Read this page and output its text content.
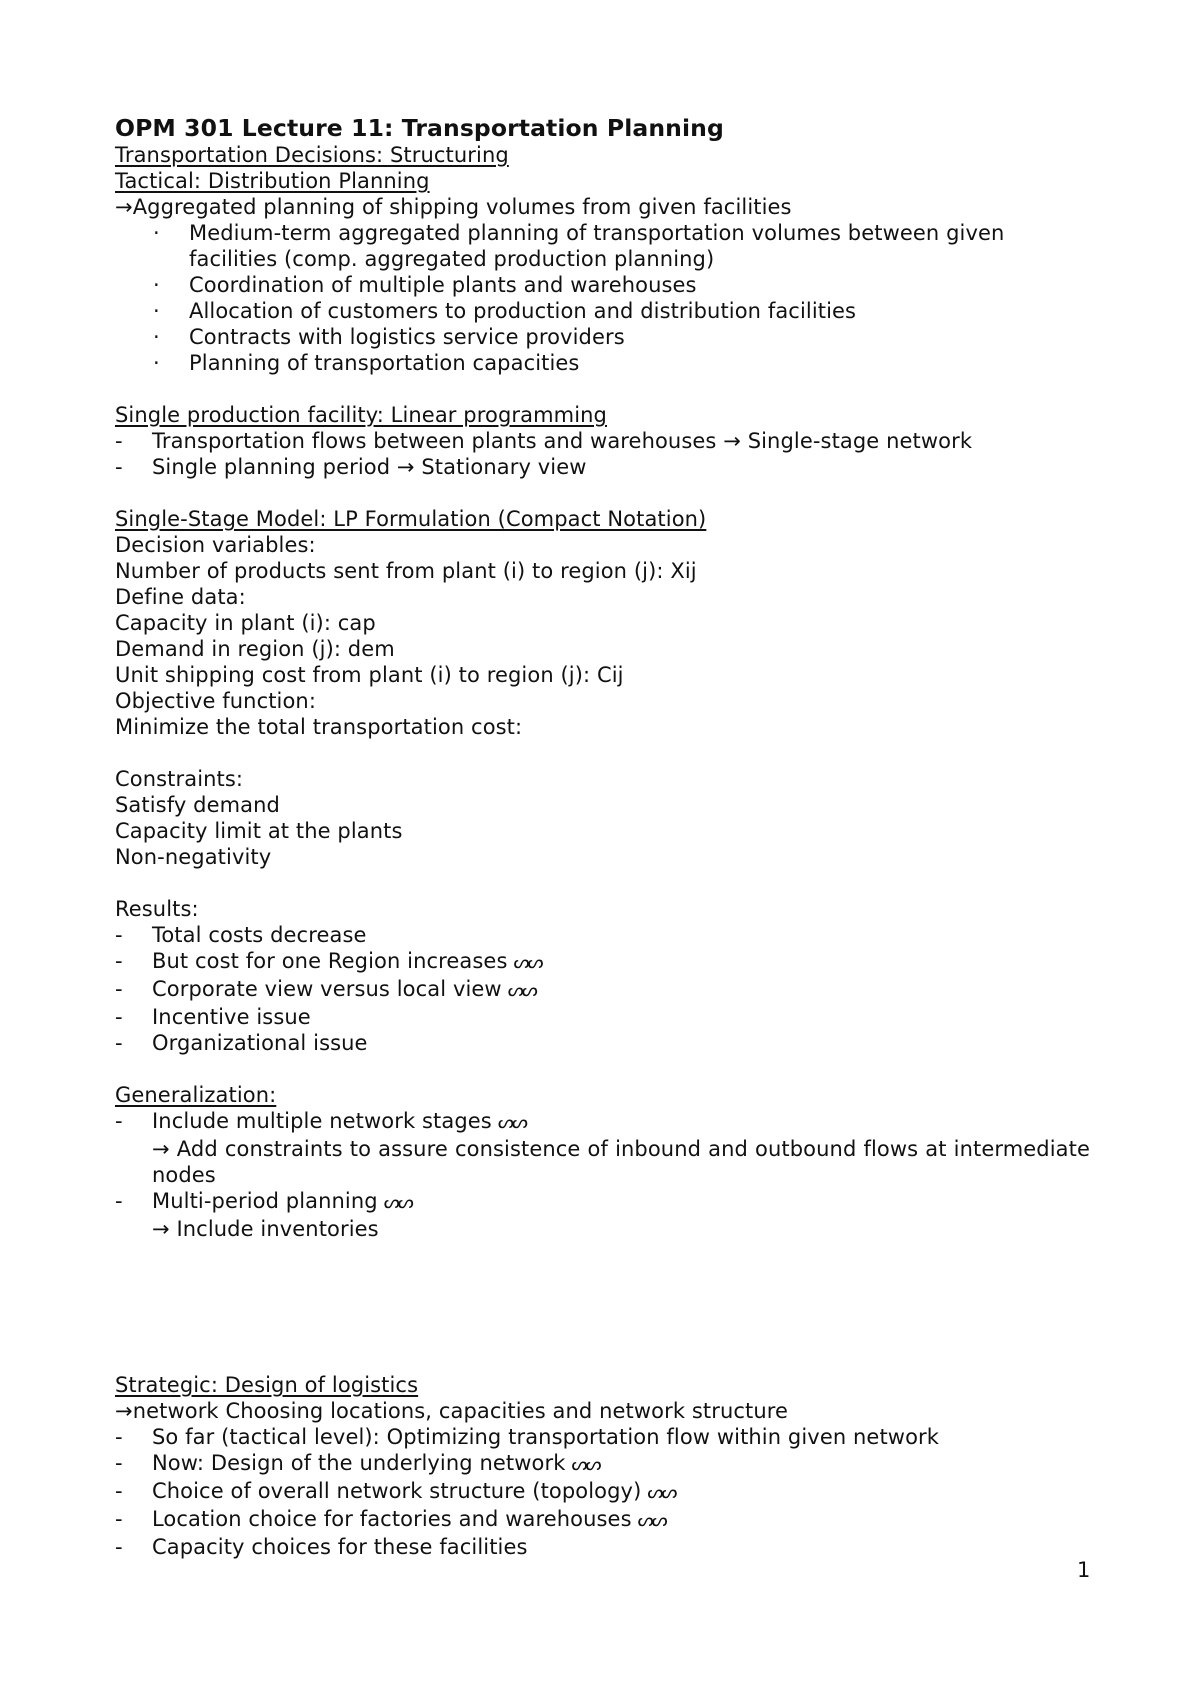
OPM 301 Lecture 11: Transportation Planning

Transportation Decisions: Structuring

Tactical: Distribution Planning

→Aggregated planning of shipping volumes from given facilities

· Medium-term aggregated planning of transportation volumes between given facilities (comp. aggregated production planning)
· Coordination of multiple plants and warehouses
· Allocation of customers to production and distribution facilities
· Contracts with logistics service providers
· Planning of transportation capacities

Single production facility: Linear programming

- Transportation flows between plants and warehouses → Single-stage network

- Single planning period → Stationary view

Single-Stage Model: LP Formulation (Compact Notation)

Decision variables:

Number of products sent from plant (i) to region (j): Xij

Define data:

Capacity in plant (i): cap

Demand in region (j): dem

Unit shipping cost from plant (i) to region (j): Cij

Objective function:

Minimize the total transportation cost:

Constraints:

Satisfy demand

Capacity limit at the plants

Non-negativity

Results:

- Total costs decrease

- But cost for one Region increases ᔕᔕ

- Corporate view versus local view ᔕᔕ

- Incentive issue

- Organizational issue

Generalization:

- Include multiple network stages ᔕᔕ

→ Add constraints to assure consistence of inbound and outbound flows at intermediate nodes

- Multi-period planning ᔕᔕ

→ Include inventories

Strategic: Design of logistics

→network Choosing locations, capacities and network structure

- So far (tactical level): Optimizing transportation flow within given network

- Now: Design of the underlying network ᔕᔕ

- Choice of overall network structure (topology) ᔕᔕ

- Location choice for factories and warehouses ᔕᔕ

- Capacity choices for these facilities

1
